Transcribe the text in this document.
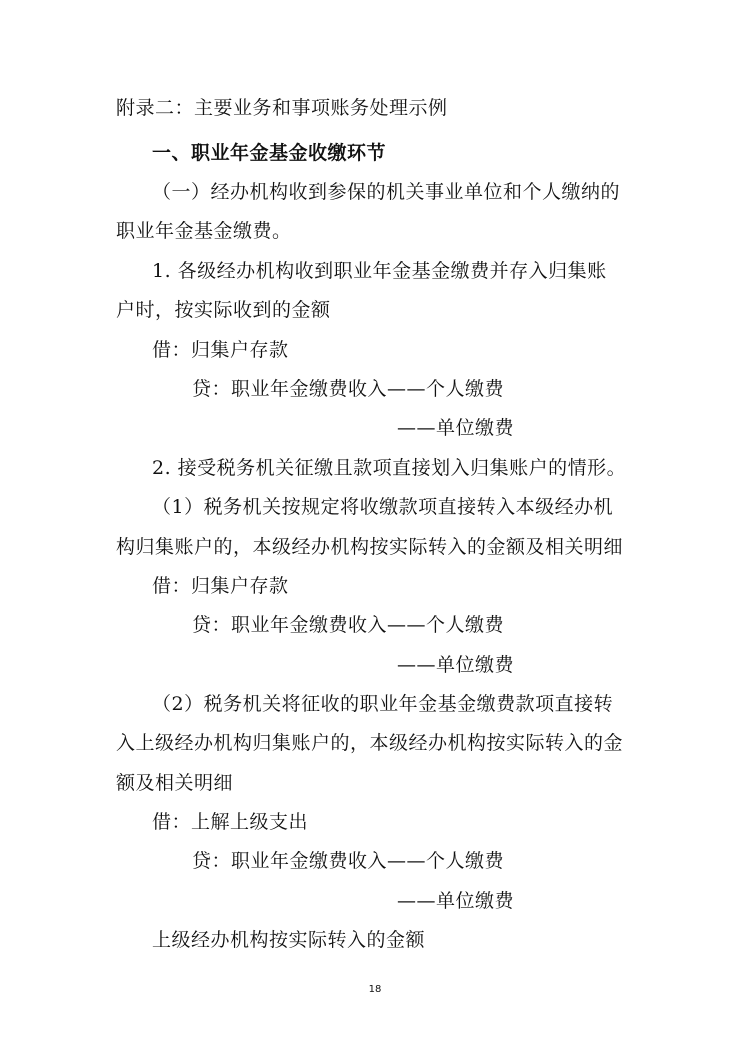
附录二：主要业务和事项账务处理示例
一、职业年金基金收缴环节
（一）经办机构收到参保的机关事业单位和个人缴纳的
职业年金基金缴费。
1. 各级经办机构收到职业年金基金缴费并存入归集账
户时，按实际收到的金额
借：归集户存款
贷：职业年金缴费收入——个人缴费
——单位缴费
2. 接受税务机关征缴且款项直接划入归集账户的情形。
（1）税务机关按规定将收缴款项直接转入本级经办机
构归集账户的，本级经办机构按实际转入的金额及相关明细
借：归集户存款
贷：职业年金缴费收入——个人缴费
——单位缴费
（2）税务机关将征收的职业年金基金缴费款项直接转
入上级经办机构归集账户的，本级经办机构按实际转入的金
额及相关明细
借：上解上级支出
贷：职业年金缴费收入——个人缴费
——单位缴费
上级经办机构按实际转入的金额
18
